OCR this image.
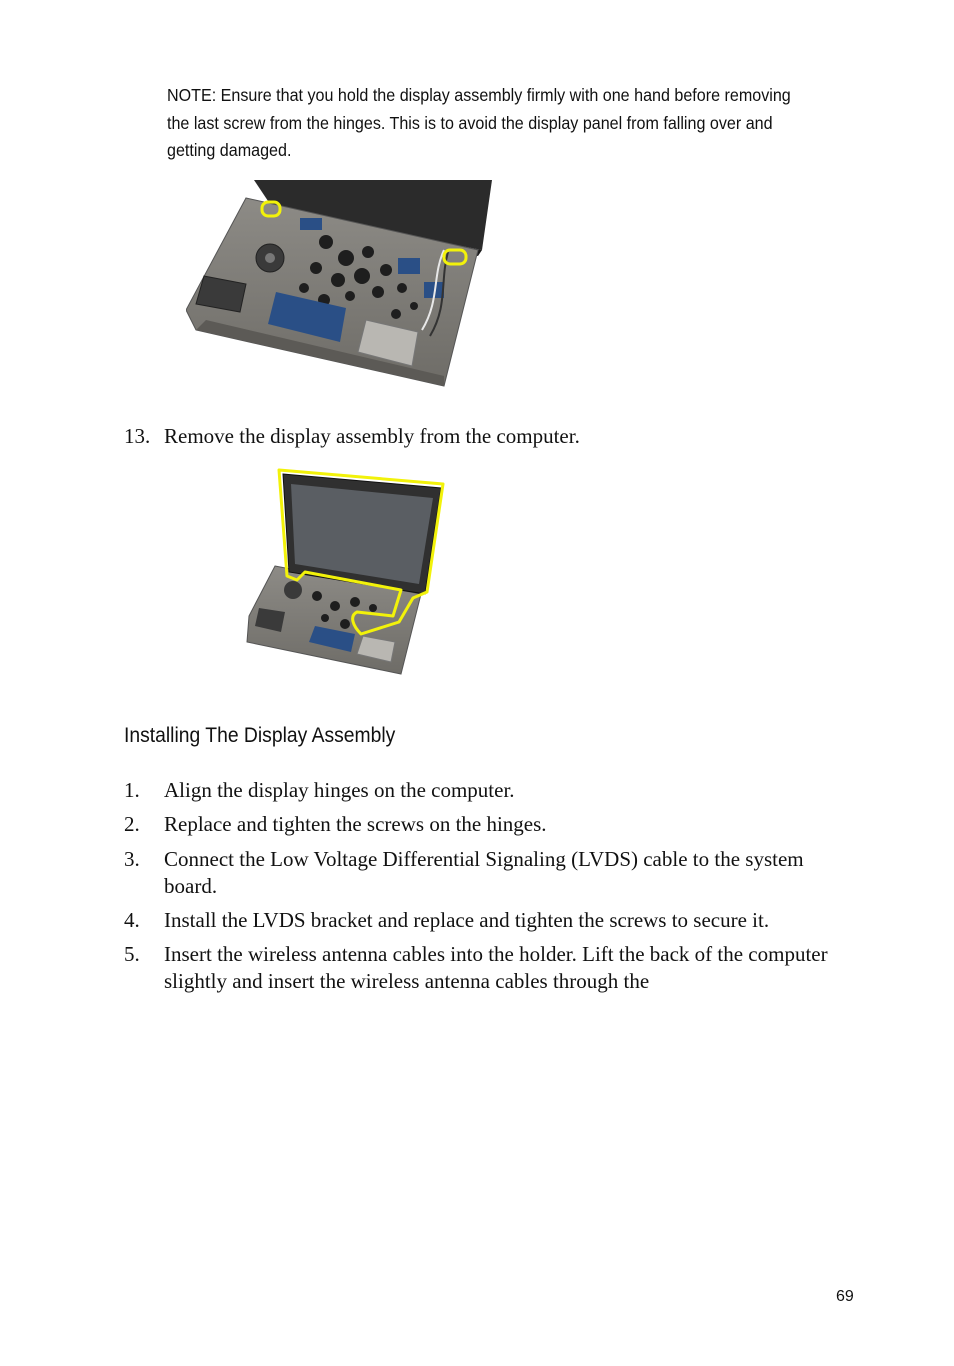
NOTE: Ensure that you hold the display assembly firmly with one hand before removing the last screw from the hinges. This is to avoid the display panel from falling over and getting damaged.
13. Remove the display assembly from the computer.
Installing The Display Assembly
1.	Align the display hinges on the computer.
2.	Replace and tighten the screws on the hinges.
3.	Connect the Low Voltage Differential Signaling (LVDS) cable to the system board.
4.	Install the LVDS bracket and replace and tighten the screws to secure it.
5.	Insert the wireless antenna cables into the holder. Lift the back of the computer slightly and insert the wireless antenna cables through the
69
